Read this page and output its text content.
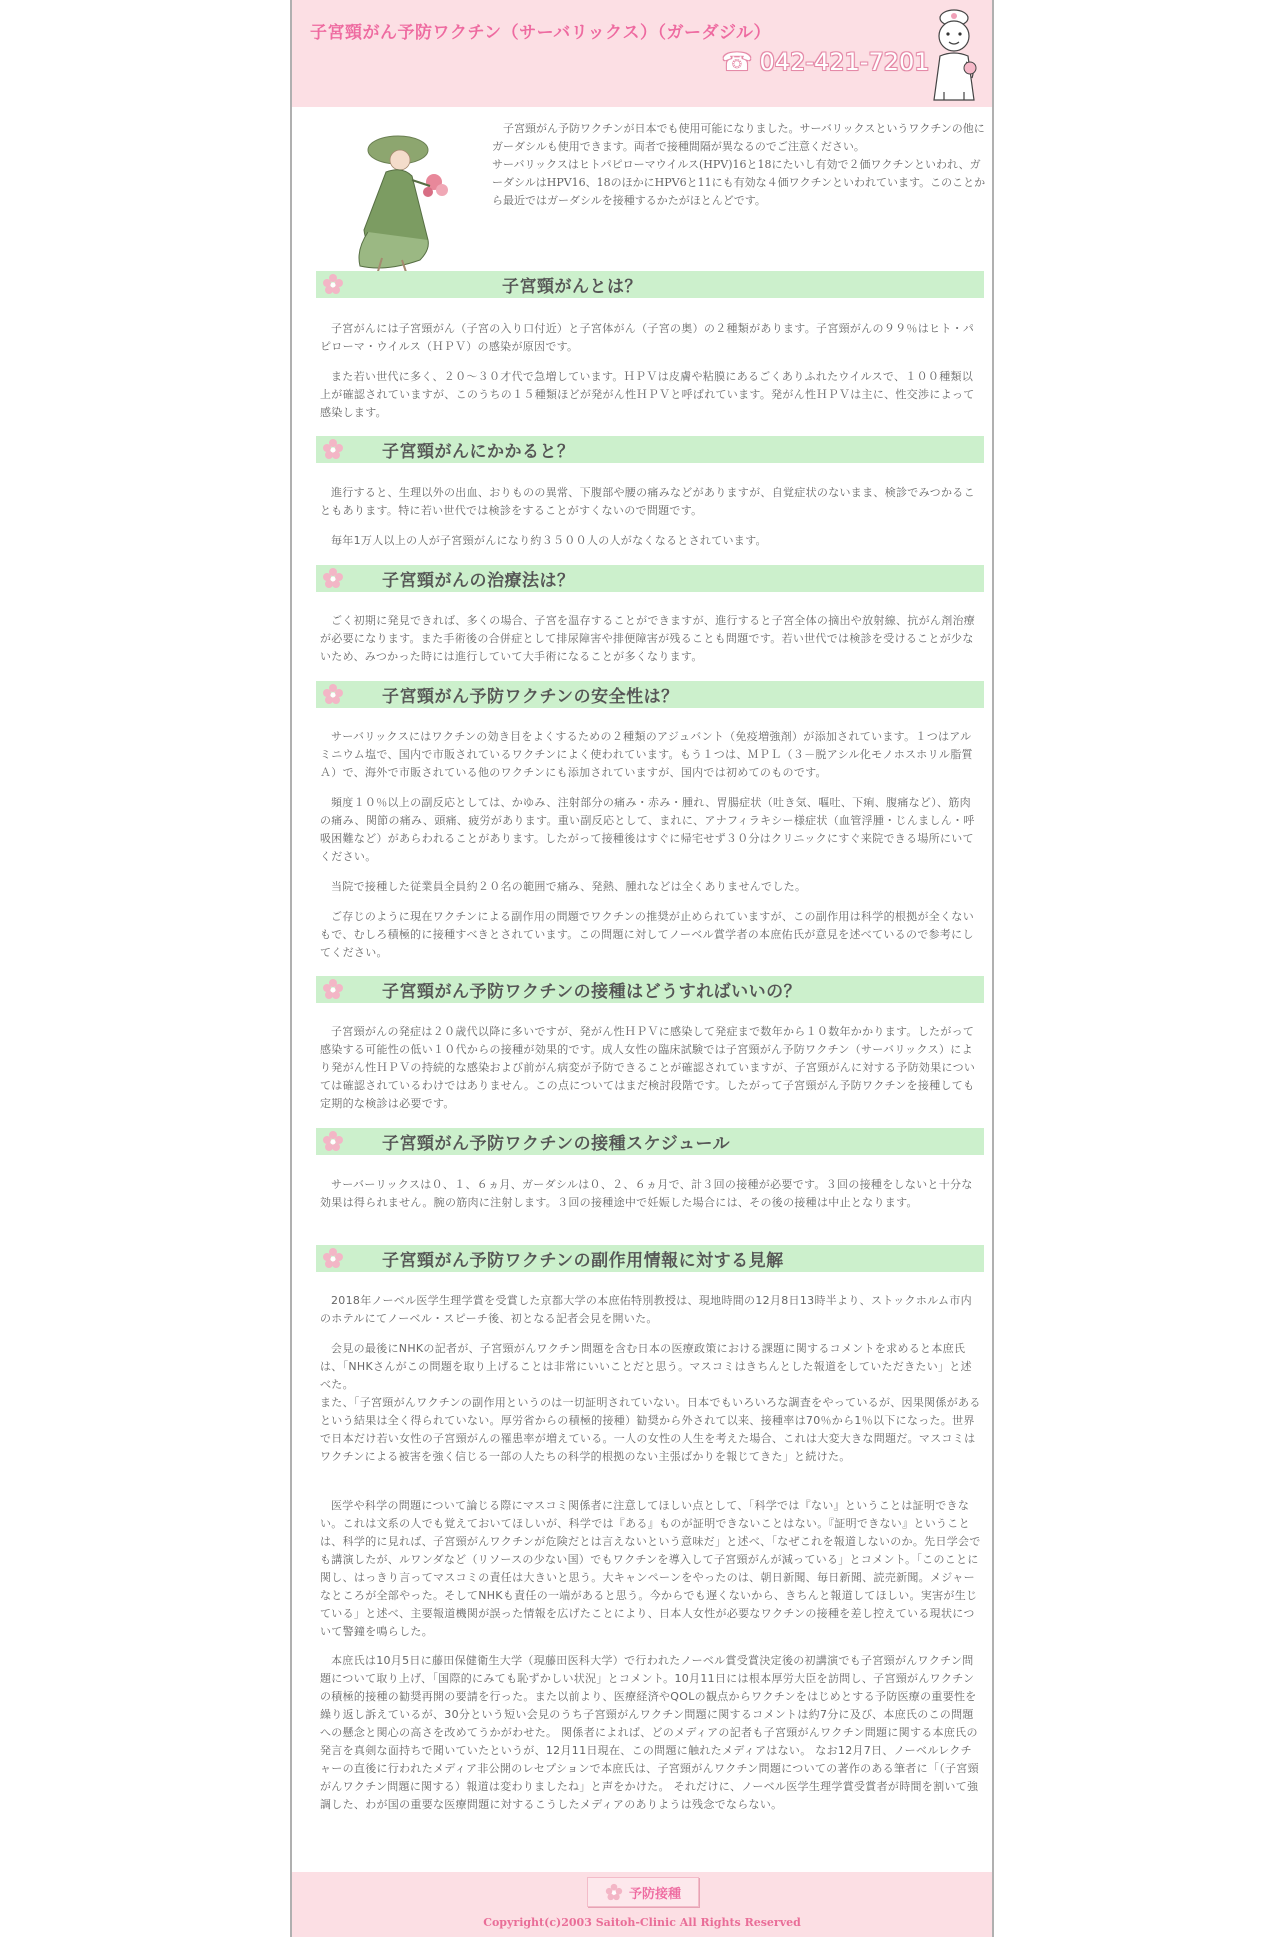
子宮頸がん予防ワクチン（サーバリックス）（ガーダジル）
☎ 042-421-7201
　子宮頸がん予防ワクチンが日本でも使用可能になりました。サーバリックスというワクチンの他にガーダシルも使用できます。両者で接種間隔が異なるのでご注意ください。
サーバリックスはヒトパピローマウイルス(HPV)16と18にたいし有効で２価ワクチンといわれ、ガーダシルはHPV16、18のほかにHPV6と11にも有効な４価ワクチンといわれています。このことから最近ではガーダシルを接種するかたがほとんどです。
子宮頸がんとは？
子宮がんには子宮頸がん（子宮の入り口付近）と子宮体がん（子宮の奥）の２種類があります。子宮頸がんの９９％はヒト・パピローマ・ウイルス（ＨＰＶ）の感染が原因です。
また若い世代に多く、２０～３０才代で急増しています。ＨＰＶは皮膚や粘膜にあるごくありふれたウイルスで、１００種類以上が確認されていますが、このうちの１５種類ほどが発がん性ＨＰＶと呼ばれています。発がん性ＨＰＶは主に、性交渉によって感染します。
子宮頸がんにかかると？
進行すると、生理以外の出血、おりものの異常、下腹部や腰の痛みなどがありますが、自覚症状のないまま、検診でみつかることもあります。特に若い世代では検診をすることがすくないので問題です。
毎年1万人以上の人が子宮頸がんになり約３５００人の人がなくなるとされています。
子宮頸がんの治療法は？
ごく初期に発見できれば、多くの場合、子宮を温存することができますが、進行すると子宮全体の摘出や放射線、抗がん剤治療が必要になります。また手術後の合併症として排尿障害や排便障害が残ることも問題です。若い世代では検診を受けることが少ないため、みつかった時には進行していて大手術になることが多くなります。
子宮頸がん予防ワクチンの安全性は？
サーバリックスにはワクチンの効き目をよくするための２種類のアジュバント（免疫増強剤）が添加されています。１つはアルミニウム塩で、国内で市販されているワクチンによく使われています。もう１つは、ＭＰＬ（３－脱アシル化モノホスホリル脂質Ａ）で、海外で市販されている他のワクチンにも添加されていますが、国内では初めてのものです。
頻度１０％以上の副反応としては、かゆみ、注射部分の痛み・赤み・腫れ、胃腸症状（吐き気、嘔吐、下痢、腹痛など）、筋肉の痛み、関節の痛み、頭痛、疲労があります。重い副反応として、まれに、アナフィラキシー様症状（血管浮腫・じんましん・呼吸困難など）があらわれることがあります。したがって接種後はすぐに帰宅せず３０分はクリニックにすぐ来院できる場所にいてください。
当院で接種した従業員全員約２０名の範囲で痛み、発熱、腫れなどは全くありませんでした。
ご存じのように現在ワクチンによる副作用の問題でワクチンの推奨が止められていますが、この副作用は科学的根拠が全くないもで、むしろ積極的に接種すべきとされています。この問題に対してノーベル賞学者の本庶佑氏が意見を述べているので参考にしてください。
子宮頸がん予防ワクチンの接種はどうすればいいの？
子宮頸がんの発症は２０歳代以降に多いですが、発がん性ＨＰＶに感染して発症まで数年から１０数年かかります。したがって感染する可能性の低い１０代からの接種が効果的です。成人女性の臨床試験では子宮頸がん予防ワクチン（サーバリックス）により発がん性ＨＰＶの持続的な感染および前がん病変が予防できることが確認されていますが、子宮頸がんに対する予防効果については確認されているわけではありません。この点についてはまだ検討段階です。したがって子宮頸がん予防ワクチンを接種しても定期的な検診は必要です。
子宮頸がん予防ワクチンの接種スケジュール
サーバーリックスは０、１、６ヵ月、ガーダシルは０、２、６ヵ月で、計３回の接種が必要です。３回の接種をしないと十分な効果は得られません。腕の筋肉に注射します。３回の接種途中で妊娠した場合には、その後の接種は中止となります。
子宮頸がん予防ワクチンの副作用情報に対する見解
2018年ノーベル医学生理学賞を受賞した京都大学の本庶佑特別教授は、現地時間の12月8日13時半より、ストックホルム市内のホテルにてノーベル・スピーチ後、初となる記者会見を開いた。
会見の最後にNHKの記者が、子宮頸がんワクチン問題を含む日本の医療政策における課題に関するコメントを求めると本庶氏は、「NHKさんがこの問題を取り上げることは非常にいいことだと思う。マスコミはきちんとした報道をしていただきたい」と述べた。
また、「子宮頸がんワクチンの副作用というのは一切証明されていない。日本でもいろいろな調査をやっているが、因果関係があるという結果は全く得られていない。厚労省からの積極的接種）勧奨から外されて以来、接種率は70％から1％以下になった。世界で日本だけ若い女性の子宮頸がんの罹患率が増えている。一人の女性の人生を考えた場合、これは大変大きな問題だ。マスコミはワクチンによる被害を強く信じる一部の人たちの科学的根拠のない主張ばかりを報じてきた」と続けた。
医学や科学の問題について論じる際にマスコミ関係者に注意してほしい点として、「科学では『ない』ということは証明できない。これは文系の人でも覚えておいてほしいが、科学では『ある』ものが証明できないことはない。『証明できない』ということは、科学的に見れば、子宮頸がんワクチンが危険だとは言えないという意味だ」と述べ、「なぜこれを報道しないのか。先日学会でも講演したが、ルワンダなど（リソースの少ない国）でもワクチンを導入して子宮頸がんが減っている」とコメント。「このことに関し、はっきり言ってマスコミの責任は大きいと思う。大キャンペーンをやったのは、朝日新聞、毎日新聞、読売新聞。メジャーなところが全部やった。そしてNHKも責任の一端があると思う。今からでも遅くないから、きちんと報道してほしい。実害が生じている」と述べ、主要報道機関が誤った情報を広げたことにより、日本人女性が必要なワクチンの接種を差し控えている現状について警鐘を鳴らした。
本庶氏は10月5日に藤田保健衛生大学（現藤田医科大学）で行われたノーベル賞受賞決定後の初講演でも子宮頸がんワクチン問題について取り上げ、「国際的にみても恥ずかしい状況」とコメント。10月11日には根本厚労大臣を訪問し、子宮頸がんワクチンの積極的接種の勧奨再開の要請を行った。また以前より、医療経済やQOLの観点からワクチンをはじめとする予防医療の重要性を繰り返し訴えているが、30分という短い会見のうち子宮頸がんワクチン問題に関するコメントは約7分に及び、本庶氏のこの問題への懸念と関心の高さを改めてうかがわせた。 関係者によれば、どのメディアの記者も子宮頸がんワクチン問題に関する本庶氏の発言を真剣な面持ちで聞いていたというが、12月11日現在、この問題に触れたメディアはない。 なお12月7日、ノーベルレクチャーの直後に行われたメディア非公開のレセプションで本庶氏は、子宮頸がんワクチン問題についての著作のある筆者に「（子宮頸がんワクチン問題に関する）報道は変わりましたね」と声をかけた。 それだけに、ノーベル医学生理学賞受賞者が時間を割いて強調した、わが国の重要な医療問題に対するこうしたメディアのありようは残念でならない。
予防接種
Copyright(c)2003 Saitoh-Clinic All Rights Reserved
